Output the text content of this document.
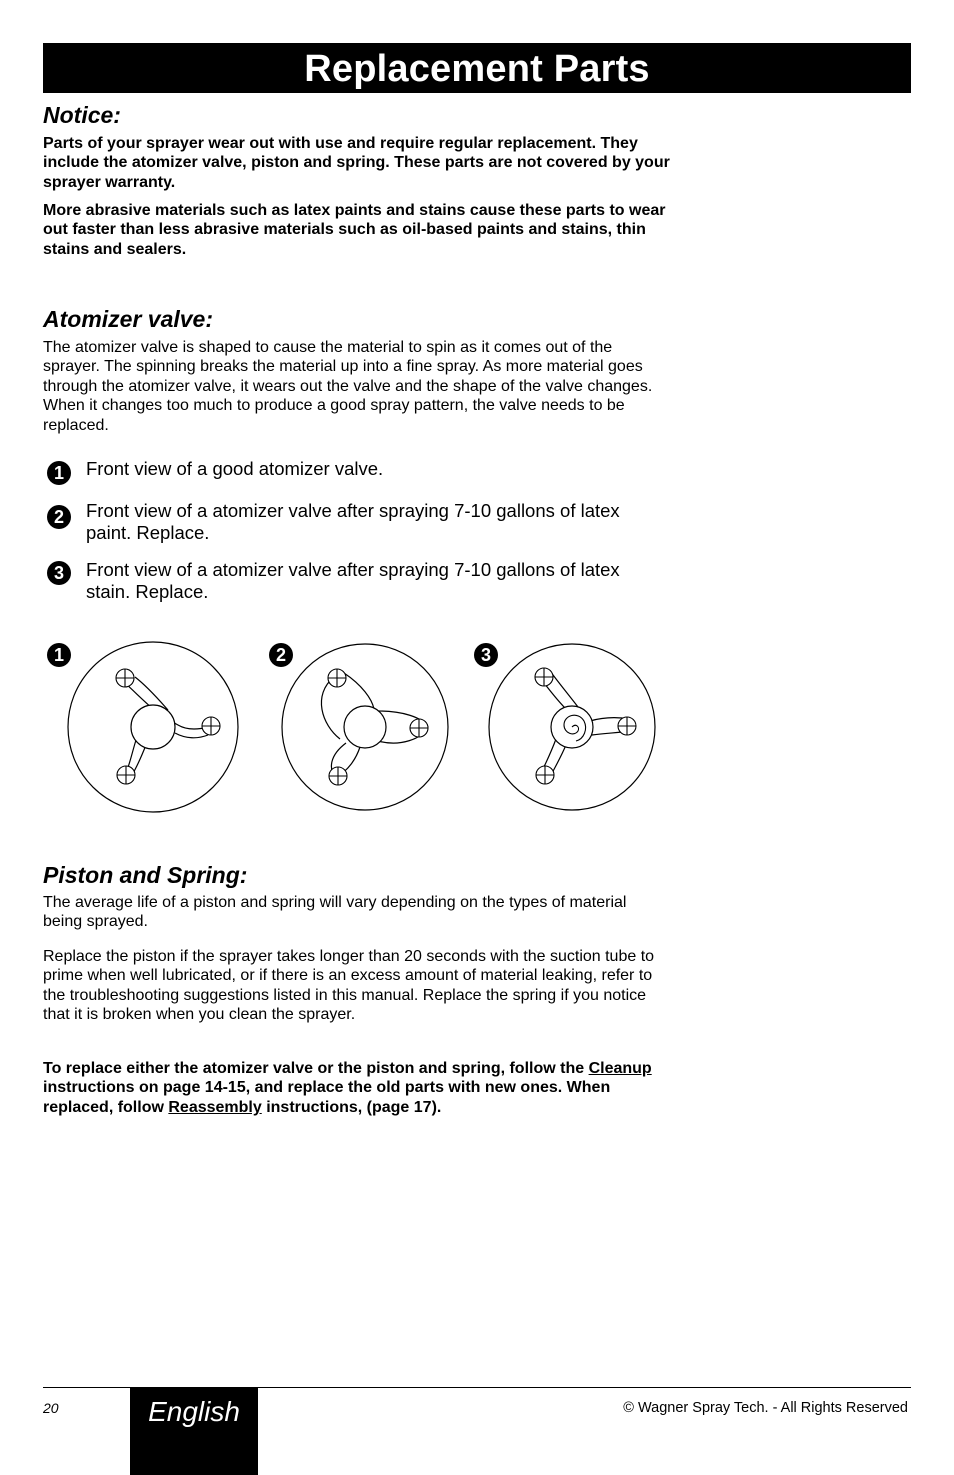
Replacement Parts
Notice:

Parts of your sprayer wear out with use and require regular replacement. They include the atomizer valve, piston and spring. These parts are not covered by your sprayer warranty.

More abrasive materials such as latex paints and stains cause these parts to wear out faster than less abrasive materials such as oil-based paints and stains, thin stains and sealers.

Atomizer valve:

The atomizer valve is shaped to cause the material to spin as it comes out of the sprayer. The spinning breaks the material up into a fine spray. As more material goes through the atomizer valve, it wears out the valve and the shape of the valve changes. When it changes too much to produce a good spray pattern, the valve needs to be replaced.

1	Front view of a good atomizer valve.
2	Front view of a atomizer valve after spraying 7-10 gallons of latex paint. Replace.
3	Front view of a atomizer valve after spraying 7-10 gallons of latex stain. Replace.
1	2	3
Piston and Spring:

The average life of a piston and spring will vary depending on the types of material being sprayed.

Replace the piston if the sprayer takes longer than 20 seconds with the suction tube to prime when well lubricated, or if there is an excess amount of material leaking, refer to the troubleshooting suggestions listed in this manual. Replace the spring if you notice that it is broken when you clean the sprayer.

To replace either the atomizer valve or the piston and spring, follow the Cleanup instructions on page 14-15, and replace the old parts with new ones. When replaced, follow Reassembly instructions, (page 17).

20	English	© Wagner Spray Tech. - All Rights Reserved
